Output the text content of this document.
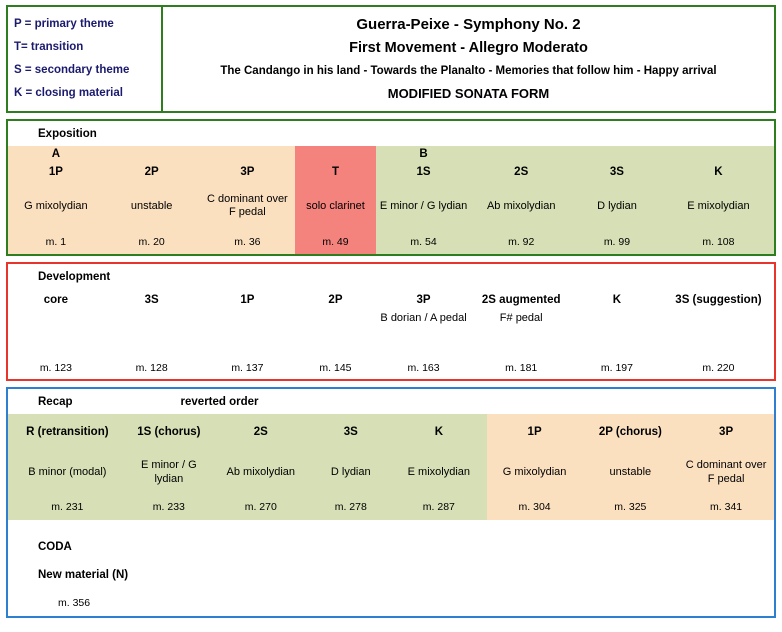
P = primary theme
T= transition
S = secondary theme
K = closing material
Guerra-Peixe - Symphony No. 2
First Movement - Allegro Moderato
The Candango in his land - Towards the Planalto - Memories that follow him - Happy arrival
MODIFIED SONATA FORM
Exposition
A
1P
G mixolydian
m. 1
2P
unstable
m. 20
3P
C dominant over F pedal
m. 36
T
solo clarinet
m. 49
B
1S
E minor / G lydian
m. 54
2S
Ab mixolydian
m. 92
3S
D lydian
m. 99
K
E mixolydian
m. 108
Development
core
m. 123
3S
m. 128
1P
m. 137
2P
m. 145
3P
B dorian / A pedal
m. 163
2S augmented
F# pedal
m. 181
K
m. 197
3S (suggestion)
m. 220
Recap	reverted order
R (retransition)
B minor (modal)
m. 231
1S (chorus)
E minor / G lydian
m. 233
2S
Ab mixolydian
m. 270
3S
D lydian
m. 278
K
E mixolydian
m. 287
1P
G mixolydian
m. 304
2P (chorus)
unstable
m. 325
3P
C dominant over F pedal
m. 341
CODA
New material (N)
m. 356
